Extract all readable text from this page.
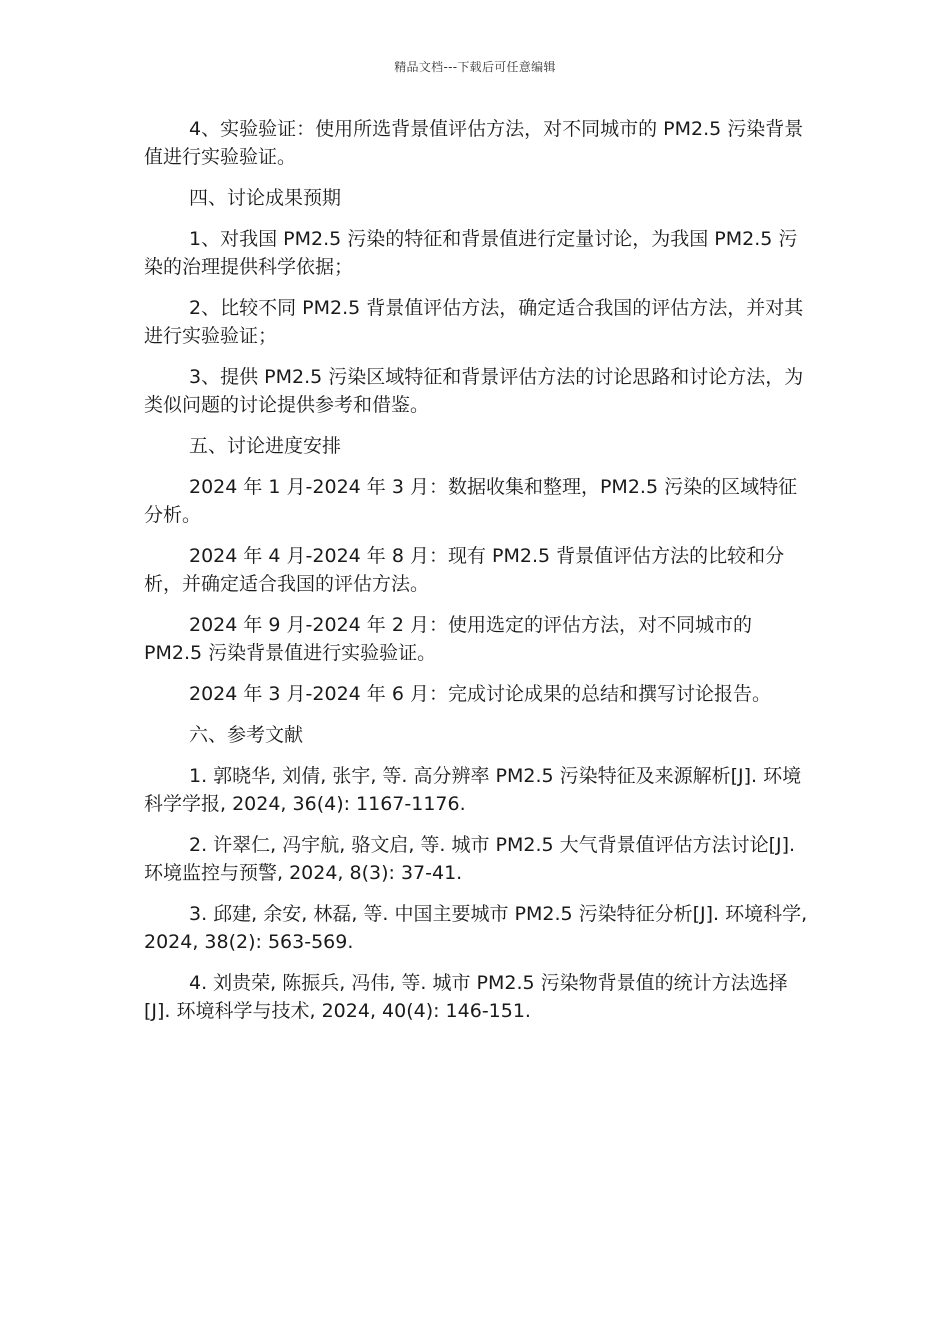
精品文档---下载后可任意编辑

4、实验验证：使用所选背景值评估方法，对不同城市的 PM2.5 污染背景值进行实验验证。

四、讨论成果预期

1、对我国 PM2.5 污染的特征和背景值进行定量讨论，为我国 PM2.5 污染的治理提供科学依据；

2、比较不同 PM2.5 背景值评估方法，确定适合我国的评估方法，并对其进行实验验证；

3、提供 PM2.5 污染区域特征和背景评估方法的讨论思路和讨论方法，为类似问题的讨论提供参考和借鉴。

五、讨论进度安排

2024 年 1 月-2024 年 3 月：数据收集和整理，PM2.5 污染的区域特征分析。

2024 年 4 月-2024 年 8 月：现有 PM2.5 背景值评估方法的比较和分析，并确定适合我国的评估方法。

2024 年 9 月-2024 年 2 月：使用选定的评估方法，对不同城市的 PM2.5 污染背景值进行实验验证。

2024 年 3 月-2024 年 6 月：完成讨论成果的总结和撰写讨论报告。

六、参考文献

1. 郭晓华, 刘倩, 张宇, 等. 高分辨率 PM2.5 污染特征及来源解析[J]. 环境科学学报, 2024, 36(4): 1167-1176.

2. 许翠仁, 冯宇航, 骆文启, 等. 城市 PM2.5 大气背景值评估方法讨论[J]. 环境监控与预警, 2024, 8(3): 37-41.

3. 邱建, 余安, 林磊, 等. 中国主要城市 PM2.5 污染特征分析[J]. 环境科学, 2024, 38(2): 563-569.

4. 刘贵荣, 陈振兵, 冯伟, 等. 城市 PM2.5 污染物背景值的统计方法选择[J]. 环境科学与技术, 2024, 40(4): 146-151.
